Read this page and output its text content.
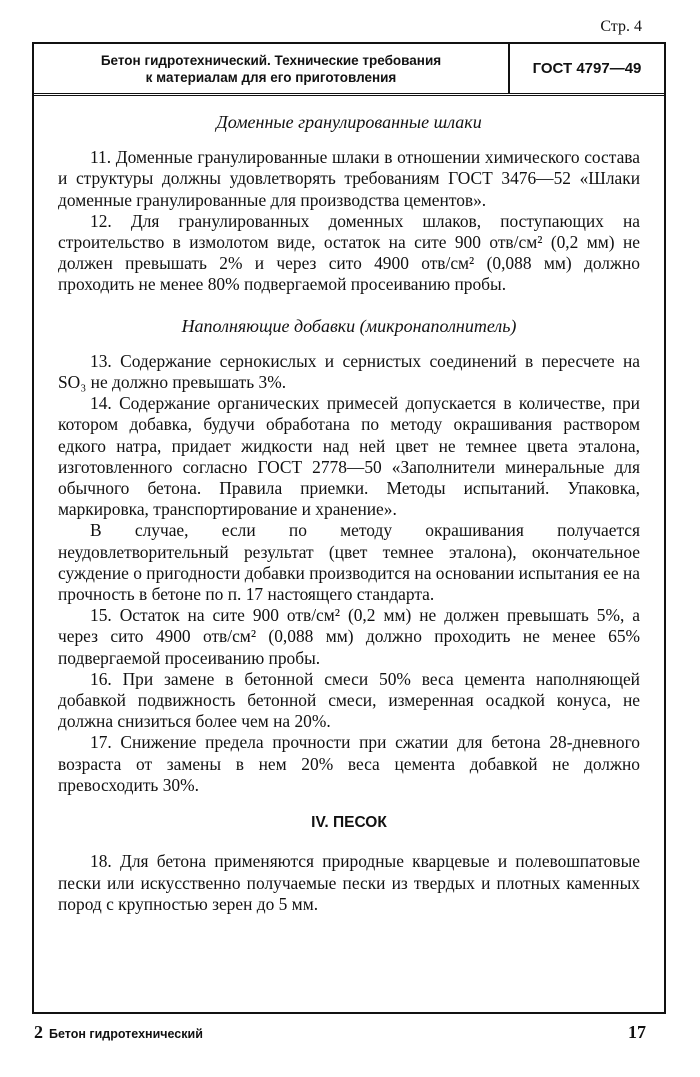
Стр. 4
Бетон гидротехнический. Технические требования
к материалам для его приготовления
ГОСТ 4797—49
Доменные гранулированные шлаки

11. Доменные гранулированные шлаки в отношении химического состава и структуры должны удовлетворять требованиям ГОСТ 3476—52 «Шлаки доменные гранулированные для производства цементов».

12. Для гранулированных доменных шлаков, поступающих на строительство в измолотом виде, остаток на сите 900 отв/см² (0,2 мм) не должен превышать 2% и через сито 4900 отв/см² (0,088 мм) должно проходить не менее 80% подвергаемой просеиванию пробы.

Наполняющие добавки (микронаполнитель)

13. Содержание сернокислых и сернистых соединений в пересчете на SO₃ не должно превышать 3%.

14. Содержание органических примесей допускается в количестве, при котором добавка, будучи обработана по методу окрашивания раствором едкого натра, придает жидкости над ней цвет не темнее цвета эталона, изготовленного согласно ГОСТ 2778—50 «Заполнители минеральные для обычного бетона. Правила приемки. Методы испытаний. Упаковка, маркировка, транспортирование и хранение».

В случае, если по методу окрашивания получается неудовлетворительный результат (цвет темнее эталона), окончательное суждение о пригодности добавки производится на основании испытания ее на прочность в бетоне по п. 17 настоящего стандарта.

15. Остаток на сите 900 отв/см² (0,2 мм) не должен превышать 5%, а через сито 4900 отв/см² (0,088 мм) должно проходить не менее 65% подвергаемой просеиванию пробы.

16. При замене в бетонной смеси 50% веса цемента наполняющей добавкой подвижность бетонной смеси, измеренная осадкой конуса, не должна снизиться более чем на 20%.

17. Снижение предела прочности при сжатии для бетона 28-дневного возраста от замены в нем 20% веса цемента добавкой не должно превосходить 30%.

IV. ПЕСОК

18. Для бетона применяются природные кварцевые и полевошпатовые пески или искусственно получаемые пески из твердых и плотных каменных пород с крупностью зерен до 5 мм.

2 Бетон гидротехнический	17
